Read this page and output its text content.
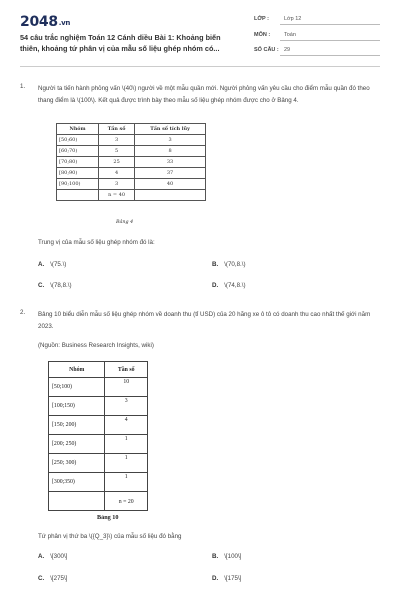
2048.vn
54 câu trắc nghiệm Toán 12 Cánh diều Bài 1: Khoảng biến thiên, khoảng tứ phân vị của mẫu số liệu ghép nhóm có...
LỚP :	Lớp 12
MÔN :	Toán
SỐ CÂU : 29
1. Người ta tiến hành phỏng vấn \(40\) người về một mẫu quần mới. Người phỏng vấn yêu cầu cho điểm mẫu quần đó theo thang điểm là \(100\). Kết quả được trình bày theo mẫu số liệu ghép nhóm được cho ở Bảng 4.
Nhóm	Tần số	Tần số tích lũy
[50;60)	3	3
[60;70)	5	8
[70;80)	25	33
[80;90)	4	37
[90;100)	3	40
	n = 40	
Bảng 4
Trung vị của mẫu số liệu ghép nhóm đó là:
A. \(75.\)	B. \(70,8.\)
C. \(78,8.\)	D. \(74,8.\)
2. Bảng 10 biểu diễn mẫu số liệu ghép nhóm về doanh thu (tỉ USD) của 20 hãng xe ô tô có doanh thu cao nhất thế giới năm 2023.
(Nguồn: Business Research Insights, wiki)
Nhóm	Tần số
[50;100)	10
[100;150)	3
[150; 200)	4
[200; 250)	1
[250; 300)	1
[300;350)	1
	n = 20
Bảng 10
Tứ phân vị thứ ba \({Q_3}\) của mẫu số liệu đó bằng
A. \[300\]	B. \[100\]
C. \[275\]	D. \[175\]
